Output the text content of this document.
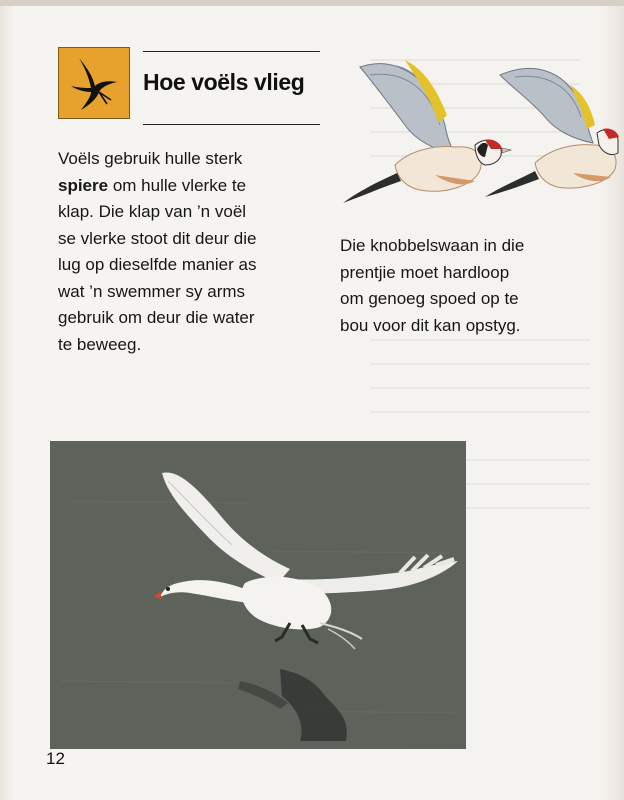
Hoe voëls vlieg
Voëls gebruik hulle sterk
spiere om hulle vlerke te
klap. Die klap van ’n voël
se vlerke stoot dit deur die
lug op dieselfde manier as
wat ’n swemmer sy arms
gebruik om deur die water
te beweeg.
Die knobbelswaan in die
prentjie moet hardloop
om genoeg spoed op te
bou voor dit kan opstyg.
12
